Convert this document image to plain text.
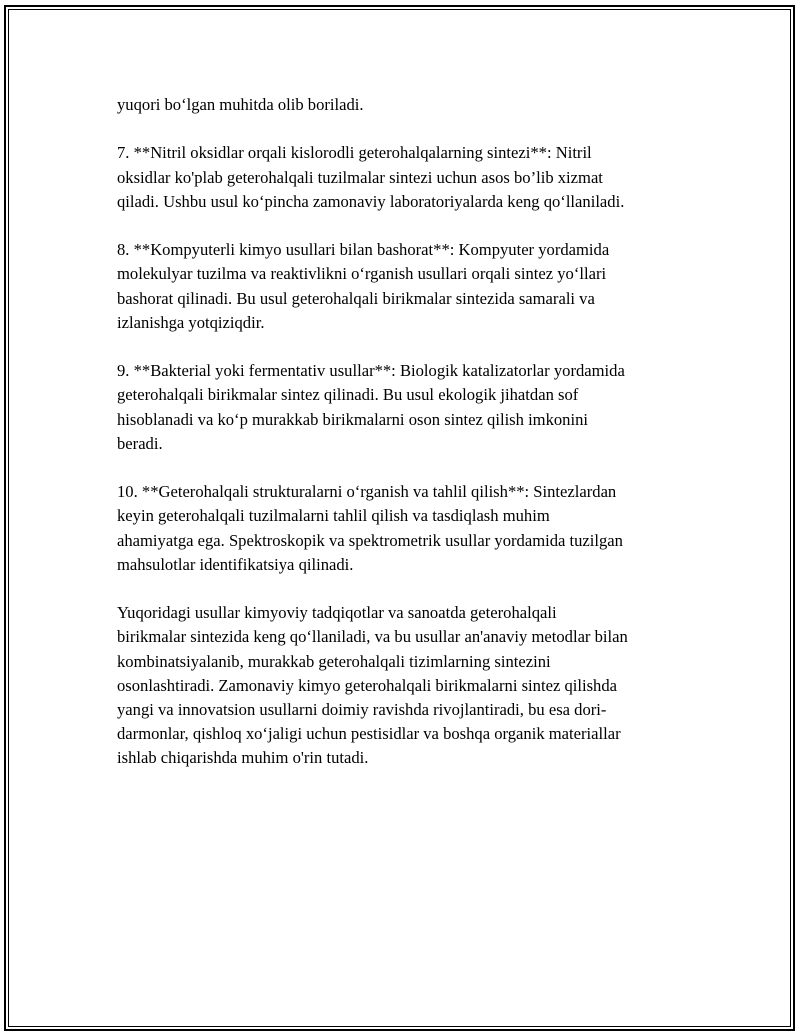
yuqori bo‘lgan muhitda olib boriladi.

7. **Nitril oksidlar orqali kislorodli geterohalqalarning sintezi**: Nitril
oksidlar ko'plab geterohalqali tuzilmalar sintezi uchun asos bo’lib xizmat
qiladi. Ushbu usul ko‘pincha zamonaviy laboratoriyalarda keng qo‘llaniladi.

8. **Kompyuterli kimyo usullari bilan bashorat**: Kompyuter yordamida
molekulyar tuzilma va reaktivlikni o‘rganish usullari orqali sintez yo‘llari
bashorat qilinadi. Bu usul geterohalqali birikmalar sintezida samarali va
izlanishga yotqiziqdir.

9. **Bakterial yoki fermentativ usullar**: Biologik katalizatorlar yordamida
geterohalqali birikmalar sintez qilinadi. Bu usul ekologik jihatdan sof
hisoblanadi va ko‘p murakkab birikmalarni oson sintez qilish imkonini
beradi.

10. **Geterohalqali strukturalarni o‘rganish va tahlil qilish**: Sintezlardan
keyin geterohalqali tuzilmalarni tahlil qilish va tasdiqlash muhim
ahamiyatga ega. Spektroskopik va spektrometrik usullar yordamida tuzilgan
mahsulotlar identifikatsiya qilinadi.

Yuqoridagi usullar kimyoviy tadqiqotlar va sanoatda geterohalqali
birikmalar sintezida keng qo‘llaniladi, va bu usullar an'anaviy metodlar bilan
kombinatsiyalanib, murakkab geterohalqali tizimlarning sintezini
osonlashtiradi. Zamonaviy kimyo geterohalqali birikmalarni sintez qilishda
yangi va innovatsion usullarni doimiy ravishda rivojlantiradi, bu esa dori-
darmonlar, qishloq xo‘jaligi uchun pestisidlar va boshqa organik materiallar
ishlab chiqarishda muhim o'rin tutadi.
